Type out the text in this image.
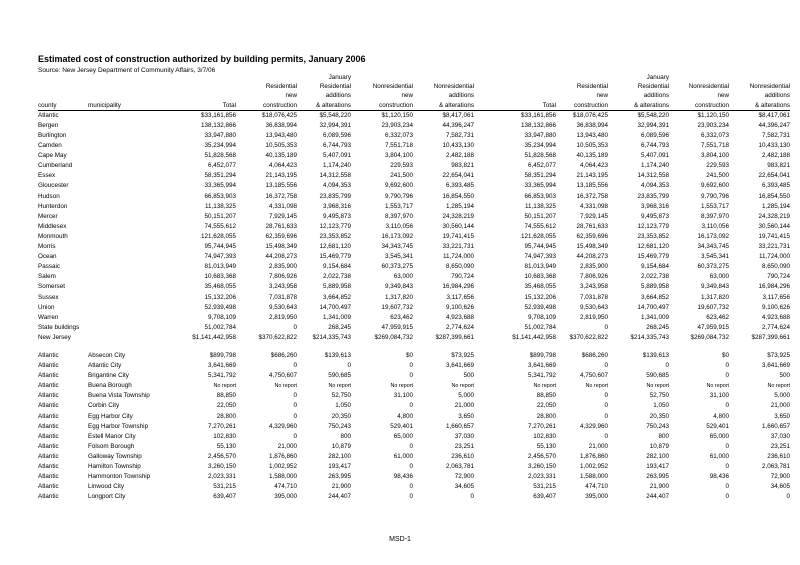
Estimated cost of construction authorized by building permits, January 2006
Source: New Jersey Department of Community Affairs, 3/7/06
				January					January		
			Residential	Residential	Nonresidential	Nonresidential		Residential	Residential	Nonresidential	Nonresidential
			new	additions	new	additions		new	additions	new	additions
county	municipality	Total	construction	& alterations	construction	& alterations	Total	construction	& alterations	construction	& alterations
Atlantic		$33,161,856	$18,076,425	$5,548,220	$1,120,150	$8,417,061	$33,161,856	$18,076,425	$5,548,220	$1,120,150	$8,417,061
Bergen		138,132,866	36,838,994	32,994,391	23,903,234	44,396,247	138,132,866	36,838,994	32,994,391	23,903,234	44,396,247
Burlington		33,947,880	13,943,480	6,089,596	6,332,073	7,582,731	33,947,880	13,943,480	6,089,596	6,332,073	7,582,731
Camden		35,234,994	10,505,353	6,744,793	7,551,718	10,433,130	35,234,994	10,505,353	6,744,793	7,551,718	10,433,130
Cape May		51,828,568	40,135,189	5,407,091	3,804,100	2,482,188	51,828,568	40,135,189	5,407,091	3,804,100	2,482,188
Cumberland		6,452,077	4,064,423	1,174,240	229,593	983,821	6,452,077	4,064,423	1,174,240	229,593	983,821
Essex		58,351,294	21,143,195	14,312,558	241,500	22,654,041	58,351,294	21,143,195	14,312,558	241,500	22,654,041
Gloucester		33,365,994	13,185,556	4,094,353	9,692,600	6,393,485	33,365,994	13,185,556	4,094,353	9,692,600	6,393,485
Hudson		66,853,903	16,372,758	23,835,799	9,790,796	16,854,550	66,853,903	16,372,758	23,835,799	9,790,796	16,854,550
Hunterdon		11,138,325	4,331,098	3,968,316	1,553,717	1,285,194	11,138,325	4,331,098	3,968,316	1,553,717	1,285,194
Mercer		50,151,207	7,929,145	9,495,873	8,397,970	24,328,219	50,151,207	7,929,145	9,495,873	8,397,970	24,328,219
Middlesex		74,555,612	28,761,633	12,123,779	3,110,056	30,560,144	74,555,612	28,761,633	12,123,779	3,110,056	30,560,144
Monmouth		121,628,055	62,359,696	23,353,852	16,173,092	19,741,415	121,628,055	62,359,696	23,353,852	16,173,092	19,741,415
Morris		95,744,945	15,498,349	12,681,120	34,343,745	33,221,731	95,744,945	15,498,349	12,681,120	34,343,745	33,221,731
Ocean		74,947,393	44,208,273	15,469,779	3,545,341	11,724,000	74,947,393	44,208,273	15,469,779	3,545,341	11,724,000
Passaic		81,013,949	2,835,900	9,154,684	60,373,275	8,650,090	81,013,949	2,835,900	9,154,684	60,373,275	8,650,090
Salem		10,683,368	7,806,926	2,022,738	63,000	790,724	10,683,368	7,806,926	2,022,738	63,000	790,724
Somerset		35,468,055	3,243,958	5,889,958	9,349,843	16,984,296	35,468,055	3,243,958	5,889,958	9,349,843	16,984,296
Sussex		15,132,206	7,031,878	3,664,852	1,317,820	3,117,656	15,132,206	7,031,878	3,664,852	1,317,820	3,117,656
Union		52,939,498	9,530,643	14,700,497	19,607,732	9,100,626	52,939,498	9,530,643	14,700,497	19,607,732	9,100,626
Warren		9,708,109	2,819,950	1,341,009	623,462	4,923,688	9,708,109	2,819,950	1,341,009	623,462	4,923,688
State buildings		51,002,784	0	268,245	47,959,915	2,774,624	51,002,784	0	268,245	47,959,915	2,774,624
New Jersey		$1,141,442,958	$370,622,822	$214,335,743	$269,084,732	$287,399,661	$1,141,442,958	$370,622,822	$214,335,743	$269,084,732	$287,399,661

Atlantic	Absecon City	$899,798	$686,260	$139,613	$0	$73,925	$899,798	$686,260	$139,613	$0	$73,925
Atlantic	Atlantic City	3,641,669	0	0	0	3,641,669	3,641,669	0	0	0	3,641,669
Atlantic	Brigantine City	5,341,792	4,750,607	590,685	0	500	5,341,792	4,750,607	590,685	0	500
Atlantic	Buena Borough	No report	No report	No report	No report	No report	No report	No report	No report	No report	No report
Atlantic	Buena Vista Township	88,850	0	52,750	31,100	5,000	88,850	0	52,750	31,100	5,000
Atlantic	Corbin City	22,050	0	1,050	0	21,000	22,050	0	1,050	0	21,000
Atlantic	Egg Harbor City	28,800	0	20,350	4,800	3,650	28,800	0	20,350	4,800	3,650
Atlantic	Egg Harbor Township	7,270,261	4,329,960	750,243	529,401	1,660,657	7,270,261	4,329,960	750,243	529,401	1,660,657
Atlantic	Estell Manor City	102,830	0	800	65,000	37,030	102,830	0	800	65,000	37,030
Atlantic	Folsom Borough	55,130	21,000	10,879	0	23,251	55,130	21,000	10,879	0	23,251
Atlantic	Galloway Township	2,456,570	1,876,860	282,100	61,000	236,610	2,456,570	1,876,860	282,100	61,000	236,610
Atlantic	Hamilton Township	3,260,150	1,002,952	193,417	0	2,063,781	3,260,150	1,002,952	193,417	0	2,063,781
Atlantic	Hammonton Township	2,023,331	1,588,000	263,995	98,436	72,900	2,023,331	1,588,000	263,995	98,436	72,900
Atlantic	Linwood City	531,215	474,710	21,900	0	34,605	531,215	474,710	21,900	0	34,605
Atlantic	Longport City	639,407	395,000	244,407	0	0	639,407	395,000	244,407	0	0
MSD-1
